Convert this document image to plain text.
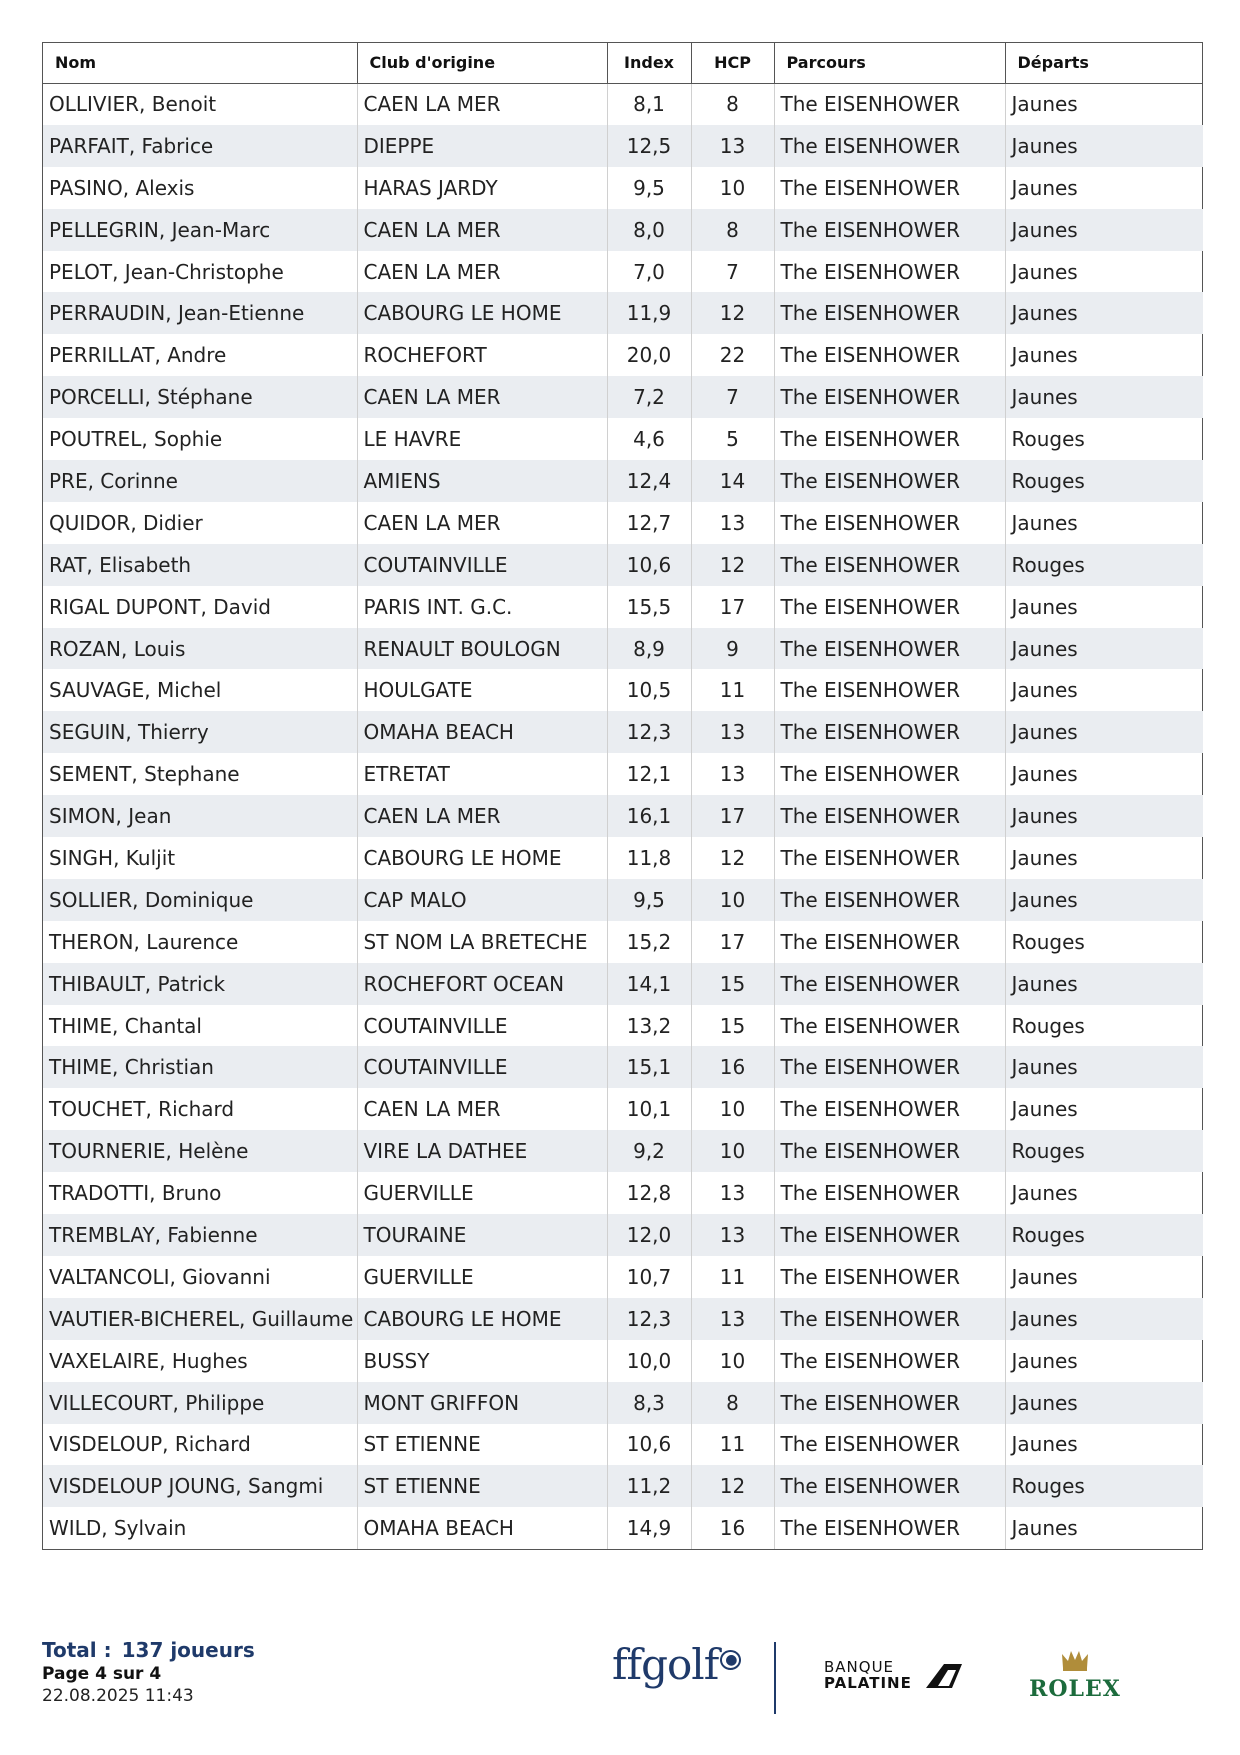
Nom	Club d'origine	Index	HCP	Parcours	Départs
OLLIVIER, Benoit	CAEN LA MER	8,1	8	The EISENHOWER	Jaunes
PARFAIT, Fabrice	DIEPPE	12,5	13	The EISENHOWER	Jaunes
PASINO, Alexis	HARAS JARDY	9,5	10	The EISENHOWER	Jaunes
PELLEGRIN, Jean-Marc	CAEN LA MER	8,0	8	The EISENHOWER	Jaunes
PELOT, Jean-Christophe	CAEN LA MER	7,0	7	The EISENHOWER	Jaunes
PERRAUDIN, Jean-Etienne	CABOURG LE HOME	11,9	12	The EISENHOWER	Jaunes
PERRILLAT, Andre	ROCHEFORT	20,0	22	The EISENHOWER	Jaunes
PORCELLI, Stéphane	CAEN LA MER	7,2	7	The EISENHOWER	Jaunes
POUTREL, Sophie	LE HAVRE	4,6	5	The EISENHOWER	Rouges
PRE, Corinne	AMIENS	12,4	14	The EISENHOWER	Rouges
QUIDOR, Didier	CAEN LA MER	12,7	13	The EISENHOWER	Jaunes
RAT, Elisabeth	COUTAINVILLE	10,6	12	The EISENHOWER	Rouges
RIGAL DUPONT, David	PARIS INT. G.C.	15,5	17	The EISENHOWER	Jaunes
ROZAN, Louis	RENAULT BOULOGN	8,9	9	The EISENHOWER	Jaunes
SAUVAGE, Michel	HOULGATE	10,5	11	The EISENHOWER	Jaunes
SEGUIN, Thierry	OMAHA BEACH	12,3	13	The EISENHOWER	Jaunes
SEMENT, Stephane	ETRETAT	12,1	13	The EISENHOWER	Jaunes
SIMON, Jean	CAEN LA MER	16,1	17	The EISENHOWER	Jaunes
SINGH, Kuljit	CABOURG LE HOME	11,8	12	The EISENHOWER	Jaunes
SOLLIER, Dominique	CAP MALO	9,5	10	The EISENHOWER	Jaunes
THERON, Laurence	ST NOM LA BRETECHE	15,2	17	The EISENHOWER	Rouges
THIBAULT, Patrick	ROCHEFORT OCEAN	14,1	15	The EISENHOWER	Jaunes
THIME, Chantal	COUTAINVILLE	13,2	15	The EISENHOWER	Rouges
THIME, Christian	COUTAINVILLE	15,1	16	The EISENHOWER	Jaunes
TOUCHET, Richard	CAEN LA MER	10,1	10	The EISENHOWER	Jaunes
TOURNERIE, Helène	VIRE LA DATHEE	9,2	10	The EISENHOWER	Rouges
TRADOTTI, Bruno	GUERVILLE	12,8	13	The EISENHOWER	Jaunes
TREMBLAY, Fabienne	TOURAINE	12,0	13	The EISENHOWER	Rouges
VALTANCOLI, Giovanni	GUERVILLE	10,7	11	The EISENHOWER	Jaunes
VAUTIER-BICHEREL, Guillaume	CABOURG LE HOME	12,3	13	The EISENHOWER	Jaunes
VAXELAIRE, Hughes	BUSSY	10,0	10	The EISENHOWER	Jaunes
VILLECOURT, Philippe	MONT GRIFFON	8,3	8	The EISENHOWER	Jaunes
VISDELOUP, Richard	ST ETIENNE	10,6	11	The EISENHOWER	Jaunes
VISDELOUP JOUNG, Sangmi	ST ETIENNE	11,2	12	The EISENHOWER	Rouges
WILD, Sylvain	OMAHA BEACH	14,9	16	The EISENHOWER	Jaunes
Total : 137 joueurs
Page 4 sur 4
22.08.2025 11:43
ffgolf ●	BANQUE
PALATINE	ROLEX
